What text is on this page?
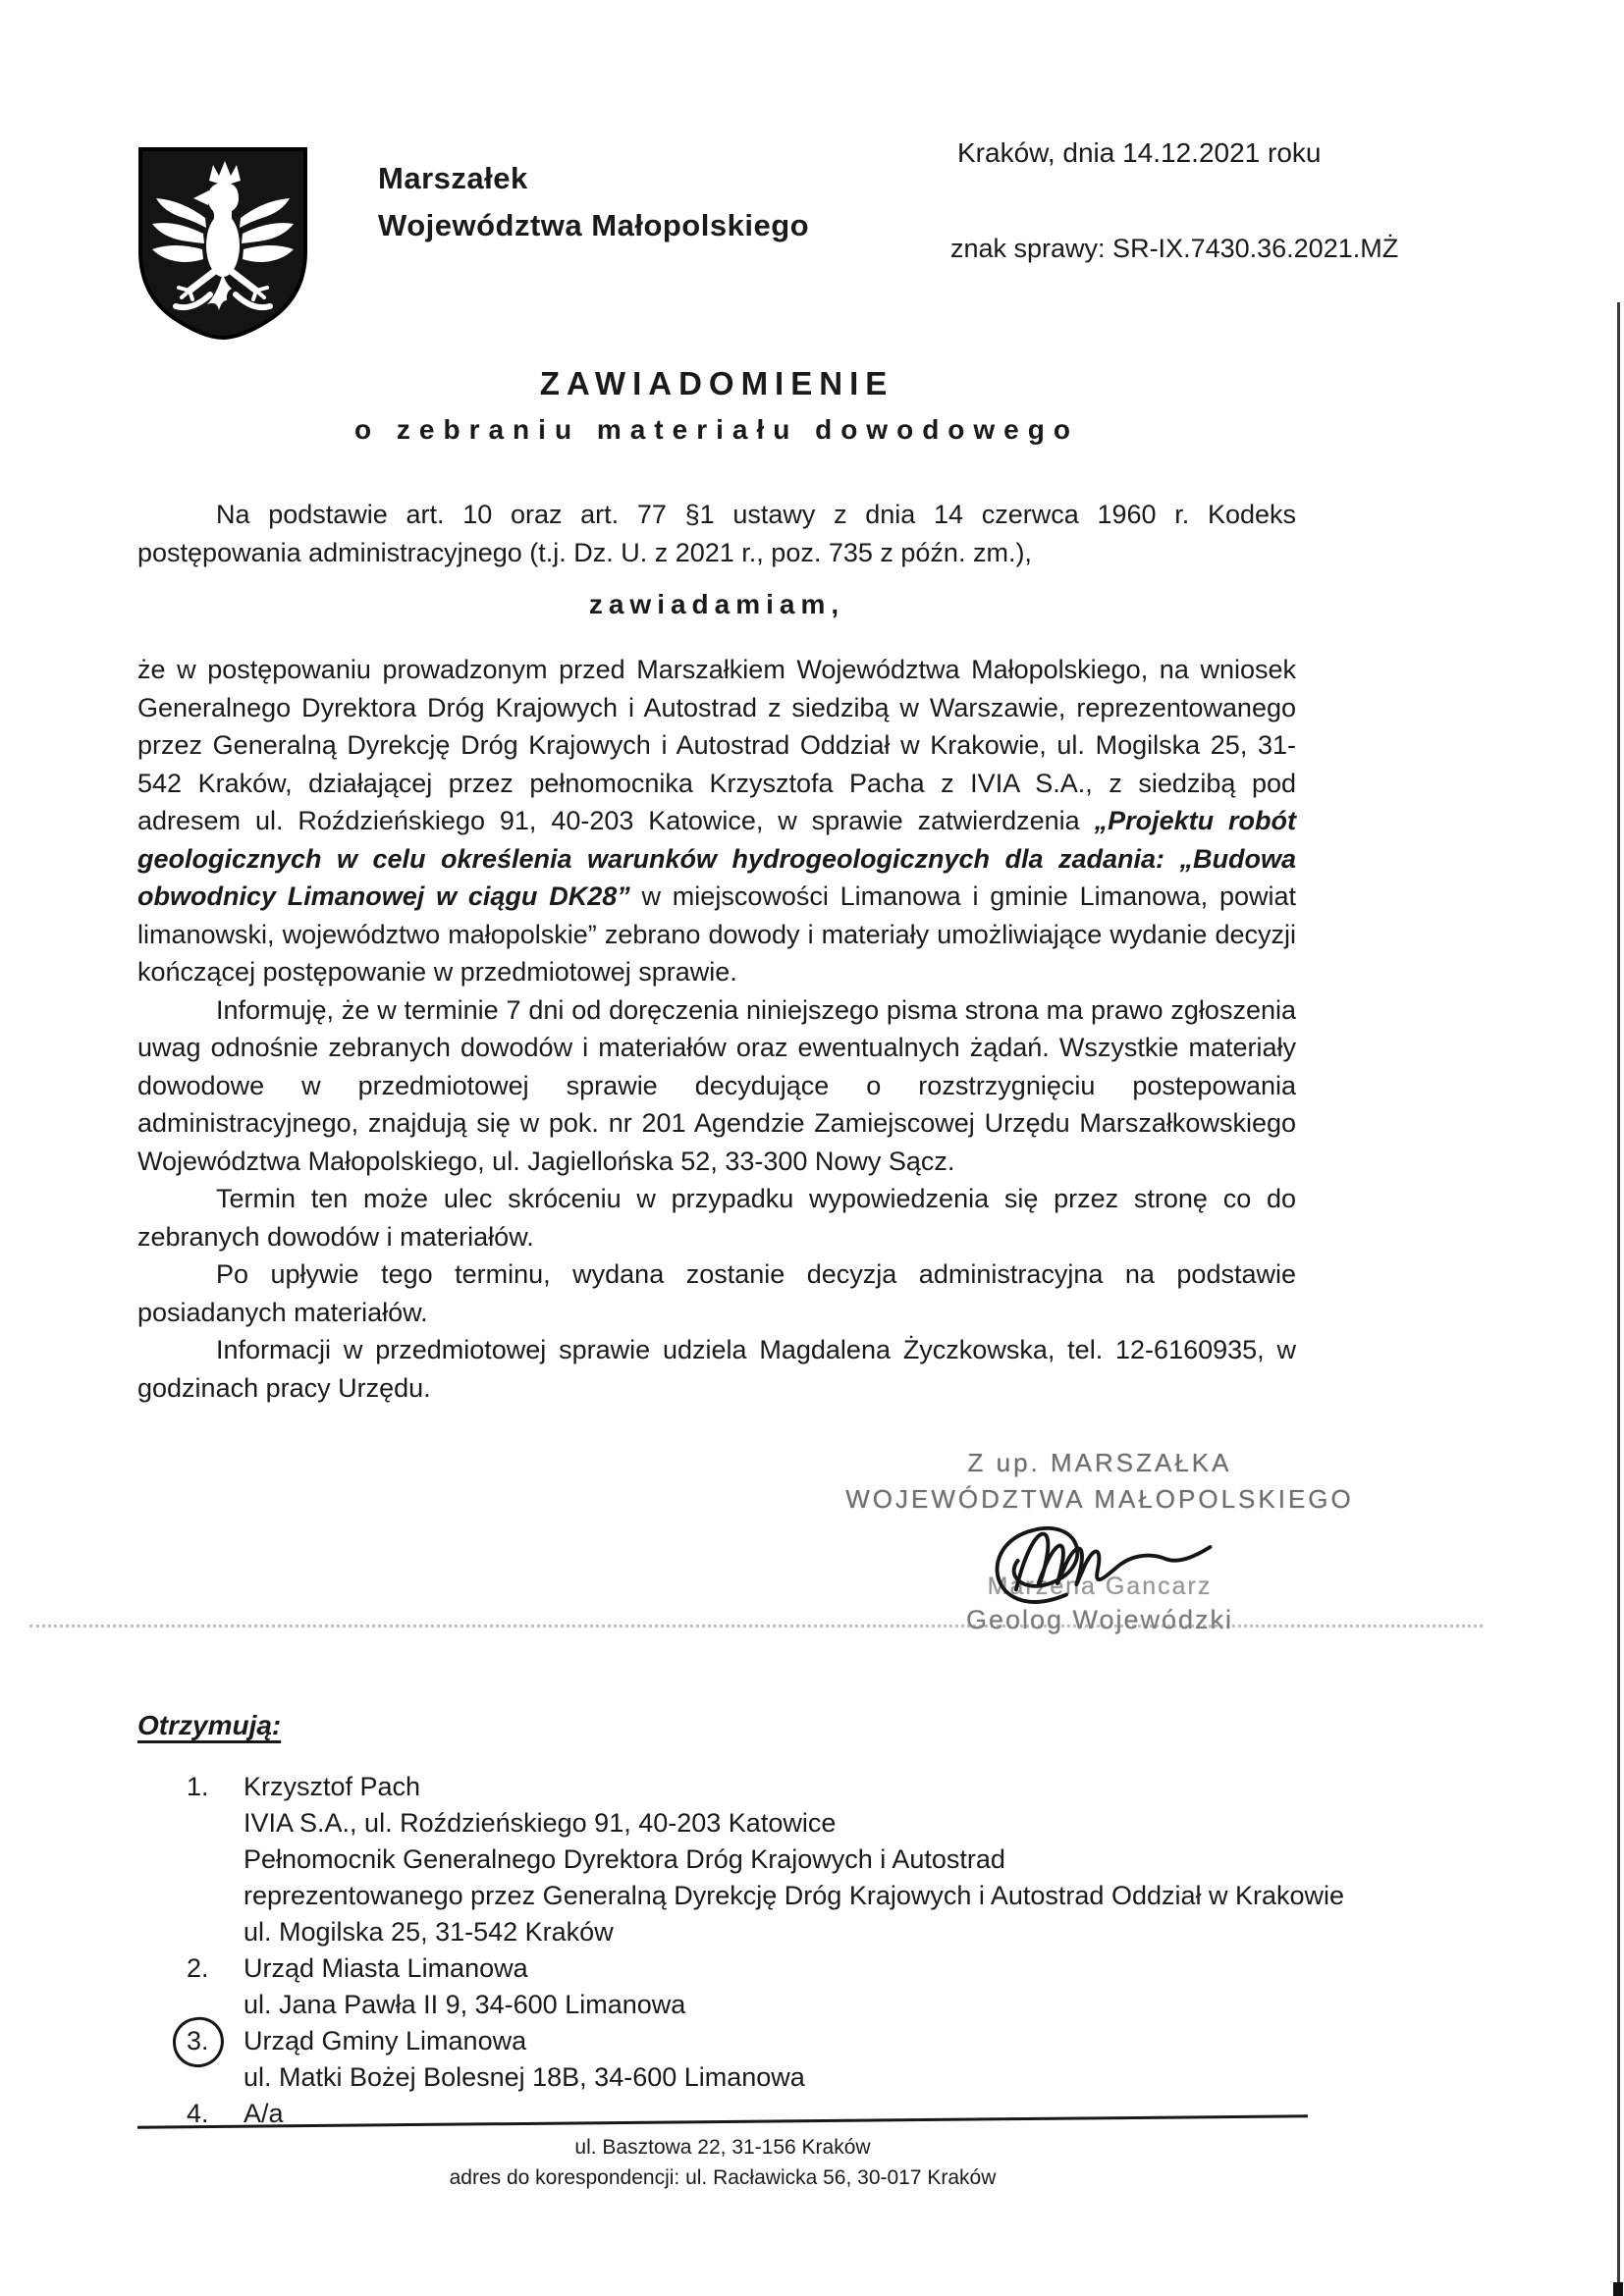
Marszałek
Województwa Małopolskiego
Kraków, dnia 14.12.2021 roku
znak sprawy: SR-IX.7430.36.2021.MŻ
ZAWIADOMIENIE
o zebraniu materiału dowodowego
Na podstawie art. 10 oraz art. 77 §1 ustawy z dnia 14 czerwca 1960 r. Kodeks postępowania administracyjnego (t.j. Dz. U. z 2021 r., poz. 735 z późn. zm.),
zawiadamiam,

że w postępowaniu prowadzonym przed Marszałkiem Województwa Małopolskiego, na wniosek Generalnego Dyrektora Dróg Krajowych i Autostrad z siedzibą w Warszawie, reprezentowanego przez Generalną Dyrekcję Dróg Krajowych i Autostrad Oddział w Krakowie, ul. Mogilska 25, 31-542 Kraków, działającej przez pełnomocnika Krzysztofa Pacha z IVIA S.A., z siedzibą pod adresem ul. Roździeńskiego 91, 40-203 Katowice, w sprawie zatwierdzenia „Projektu robót geologicznych w celu określenia warunków hydrogeologicznych dla zadania: „Budowa obwodnicy Limanowej w ciągu DK28” w miejscowości Limanowa i gminie Limanowa, powiat limanowski, województwo małopolskie” zebrano dowody i materiały umożliwiające wydanie decyzji kończącej postępowanie w przedmiotowej sprawie.

Informuję, że w terminie 7 dni od doręczenia niniejszego pisma strona ma prawo zgłoszenia uwag odnośnie zebranych dowodów i materiałów oraz ewentualnych żądań. Wszystkie materiały dowodowe w przedmiotowej sprawie decydujące o rozstrzygnięciu postepowania administracyjnego, znajdują się w pok. nr 201 Agendzie Zamiejscowej Urzędu Marszałkowskiego Województwa Małopolskiego, ul. Jagiellońska 52, 33-300 Nowy Sącz.

Termin ten może ulec skróceniu w przypadku wypowiedzenia się przez stronę co do zebranych dowodów i materiałów.

Po upływie tego terminu, wydana zostanie decyzja administracyjna na podstawie posiadanych materiałów.

Informacji w przedmiotowej sprawie udziela Magdalena Życzkowska, tel. 12-6160935, w godzinach pracy Urzędu.

Z up. MARSZAŁKA
WOJEWÓDZTWA MAŁOPOLSKIEGO
Marzena Gancarz
Geolog Wojewódzki
Otrzymują:
1.	Krzysztof Pach
IVIA S.A., ul. Roździeńskiego 91, 40-203 Katowice
Pełnomocnik Generalnego Dyrektora Dróg Krajowych i Autostrad
reprezentowanego przez Generalną Dyrekcję Dróg Krajowych i Autostrad Oddział w Krakowie
ul. Mogilska 25, 31-542 Kraków
2.	Urząd Miasta Limanowa
ul. Jana Pawła II 9, 34-600 Limanowa
3.	Urząd Gminy Limanowa
ul. Matki Bożej Bolesnej 18B, 34-600 Limanowa
4.	A/a
ul. Basztowa 22, 31-156 Kraków
adres do korespondencji: ul. Racławicka 56, 30-017 Kraków
